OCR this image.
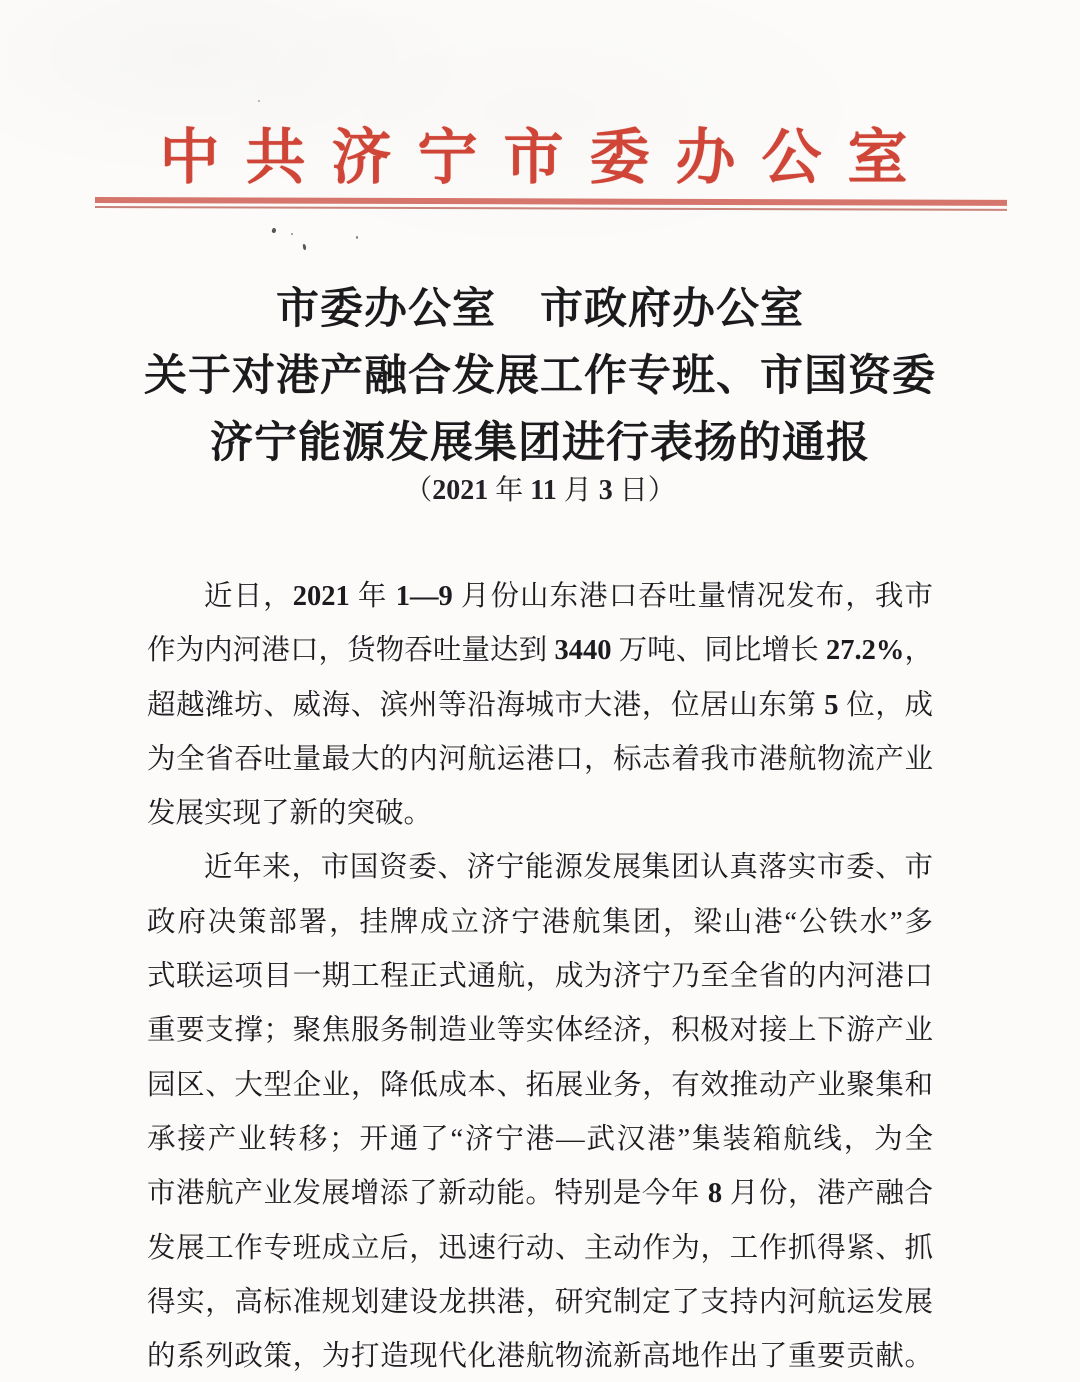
中共济宁市委办公室
市委办公室　市政府办公室
关于对港产融合发展工作专班、市国资委
济宁能源发展集团进行表扬的通报
（2021 年 11 月 3 日）
近日，2021 年 1—9 月份山东港口吞吐量情况发布，我市
作为内河港口，货物吞吐量达到 3440 万吨、同比增长 27.2%，
超越潍坊、威海、滨州等沿海城市大港，位居山东第 5 位，成
为全省吞吐量最大的内河航运港口，标志着我市港航物流产业
发展实现了新的突破。
近年来，市国资委、济宁能源发展集团认真落实市委、市
政府决策部署，挂牌成立济宁港航集团，梁山港“公铁水”多
式联运项目一期工程正式通航，成为济宁乃至全省的内河港口
重要支撑；聚焦服务制造业等实体经济，积极对接上下游产业
园区、大型企业，降低成本、拓展业务，有效推动产业聚集和
承接产业转移；开通了“济宁港—武汉港”集装箱航线，为全
市港航产业发展增添了新动能。特别是今年 8 月份，港产融合
发展工作专班成立后，迅速行动、主动作为，工作抓得紧、抓
得实，高标准规划建设龙拱港，研究制定了支持内河航运发展
的系列政策，为打造现代化港航物流新高地作出了重要贡献。
